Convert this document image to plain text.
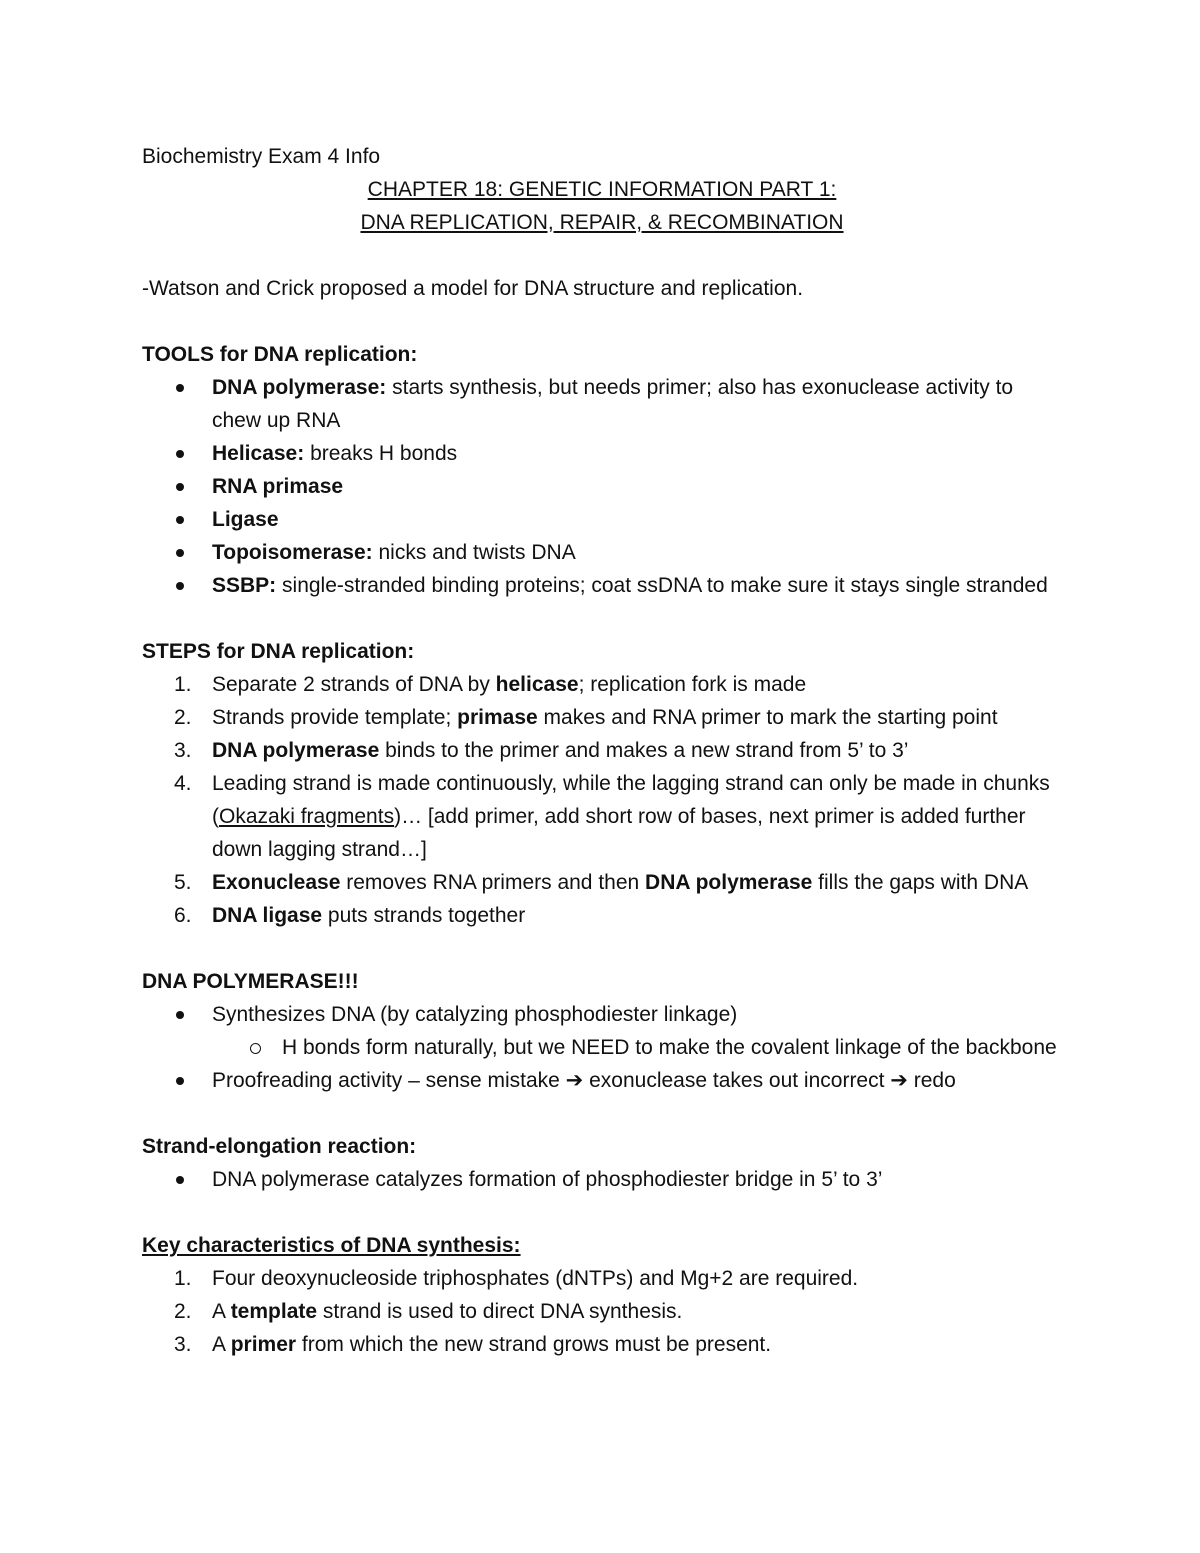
Biochemistry Exam 4 Info

CHAPTER 18: GENETIC INFORMATION PART 1:

DNA REPLICATION, REPAIR, & RECOMBINATION

-Watson and Crick proposed a model for DNA structure and replication.

TOOLS for DNA replication:

DNA polymerase: starts synthesis, but needs primer; also has exonuclease activity to chew up RNA
Helicase: breaks H bonds
RNA primase
Ligase
Topoisomerase: nicks and twists DNA
SSBP: single-stranded binding proteins; coat ssDNA to make sure it stays single stranded

STEPS for DNA replication:

1. Separate 2 strands of DNA by helicase; replication fork is made
2. Strands provide template; primase makes and RNA primer to mark the starting point
3. DNA polymerase binds to the primer and makes a new strand from 5’ to 3’
4. Leading strand is made continuously, while the lagging strand can only be made in chunks (Okazaki fragments)… [add primer, add short row of bases, next primer is added further down lagging strand…]
5. Exonuclease removes RNA primers and then DNA polymerase fills the gaps with DNA
6. DNA ligase puts strands together

DNA POLYMERASE!!!

Synthesizes DNA (by catalyzing phosphodiester linkage)
H bonds form naturally, but we NEED to make the covalent linkage of the backbone
Proofreading activity – sense mistake ➔ exonuclease takes out incorrect ➔ redo

Strand-elongation reaction:

DNA polymerase catalyzes formation of phosphodiester bridge in 5’ to 3’

Key characteristics of DNA synthesis:

1. Four deoxynucleoside triphosphates (dNTPs) and Mg+2 are required.
2. A template strand is used to direct DNA synthesis.
3. A primer from which the new strand grows must be present.
